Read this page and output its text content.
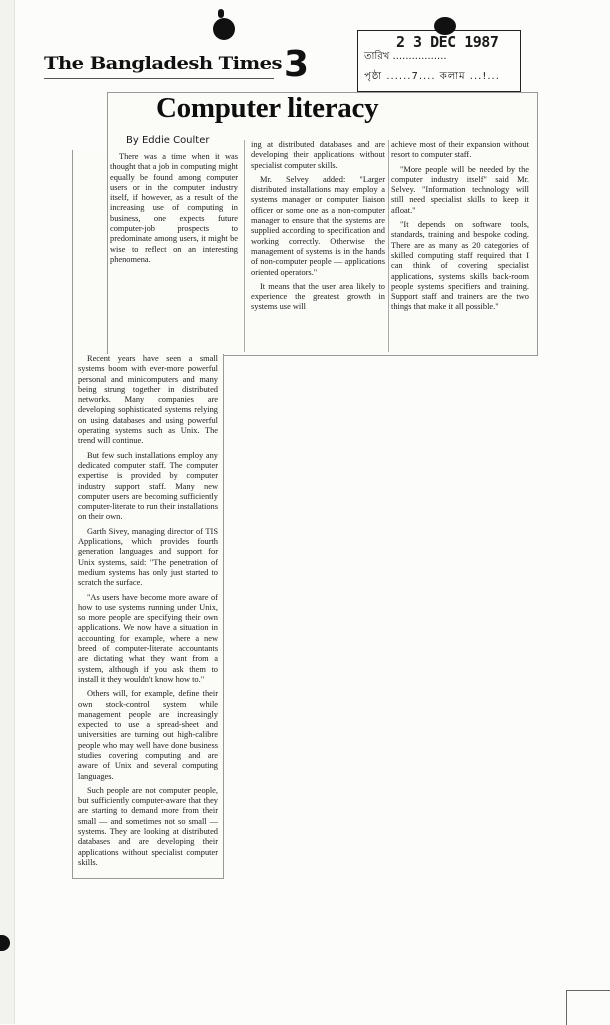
The Bangladesh Times 3
2 3 DEC 1987
তারিখ .................
পৃষ্ঠা ......7.... কলাম ...!...
Computer literacy
By Eddie Coulter

There was a time when it was thought that a job in computing might equally be found among computer users or in the computer industry itself, if however, as a result of the increasing use of computing in business, one expects future computer-job prospects to predominate among users, it might be wise to reflect on an interesting phenomena.

Recent years have seen a small systems boom with ever-more powerful personal and minicomputers and many being strung together in distributed networks. Many companies are developing sophisticated systems relying on using databases and using powerful operating systems such as Unix. The trend will continue.

But few such installations employ any dedicated computer staff. The computer expertise is provided by computer industry support staff. Many new computer users are becoming sufficiently computer-literate to run their installations on their own.

Garth Sivey, managing director of TIS Applications, which provides fourth generation languages and support for Unix systems, said: "The penetration of medium systems has only just started to scratch the surface.

"As users have become more aware of how to use systems running under Unix, so more people are specifying their own applications. We now have a situation in accounting for example, where a new breed of computer-literate accountants are dictating what they want from a system, although if you ask them to install it they wouldn't know how to."

Others will, for example, define their own stock-control system while management people are increasingly expected to use a spread-sheet and universities are turning out high-calibre people who may well have done business studies covering computing and are aware of Unix and several computing languages.

Such people are not computer people, but sufficiently computer-aware that they are starting to demand more from their small — and sometimes not so small — systems. They are looking at distributed databases and are developing their applications without specialist computer skills.

ing at distributed databases and are developing their applications without specialist computer skills.

Mr. Selvey added: "Larger distributed installations may employ a systems manager or computer liaison officer or some one as a non-computer manager to ensure that the systems are supplied according to specification and working correctly. Otherwise the management of systems is in the hands of non-computer people — applications oriented operators."

It means that the user area likely to experience the greatest growth in systems use will

achieve most of their expansion without resort to computer staff.

"More people will be needed by the computer industry itself" said Mr. Selvey. "Information technology will still need specialist skills to keep it afloat."

"It depends on software tools, standards, training and bespoke coding. There are as many as 20 categories of skilled computing staff required that I can think of covering specialist applications, systems skills back-room people systems specifiers and training. Support staff and trainers are the two things that make it all possible."
